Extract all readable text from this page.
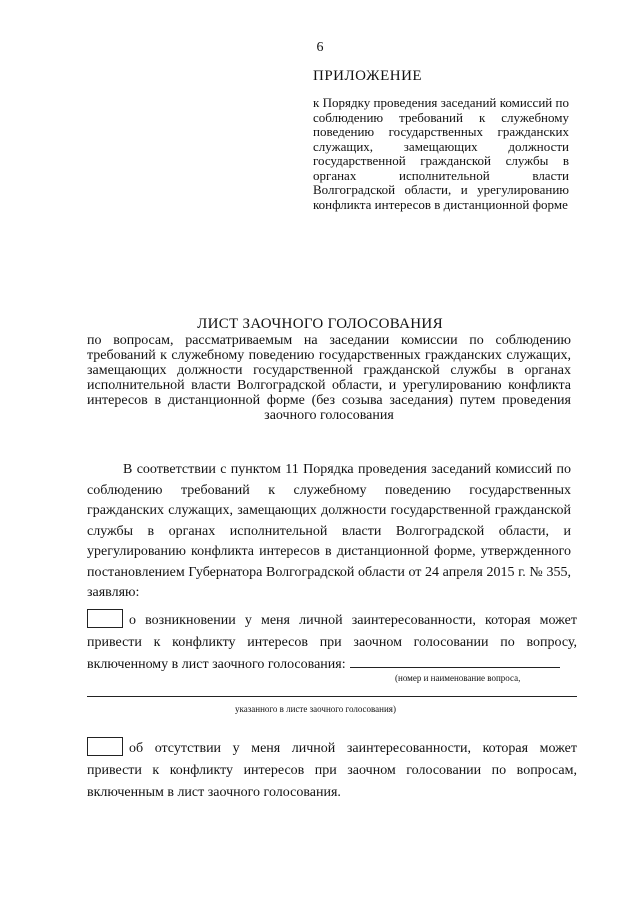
6
ПРИЛОЖЕНИЕ
к Порядку проведения заседаний комиссий по соблюдению требований к служебному поведению государственных гражданских служащих, замещающих должности государственной гражданской службы в органах исполнительной власти Волгоградской области, и урегулированию конфликта интересов в дистанционной форме
ЛИСТ ЗАОЧНОГО ГОЛОСОВАНИЯ
по вопросам, рассматриваемым на заседании комиссии по соблюдению требований к служебному поведению государственных гражданских служащих, замещающих должности государственной гражданской службы в органах исполнительной власти Волгоградской области, и урегулированию конфликта интересов в дистанционной форме (без созыва заседания) путем проведения заочного голосования
В соответствии с пунктом 11 Порядка проведения заседаний комиссий по соблюдению требований к служебному поведению государственных гражданских служащих, замещающих должности государственной гражданской службы в органах исполнительной власти Волгоградской области, и урегулированию конфликта интересов в дистанционной форме, утвержденного постановлением Губернатора Волгоградской области от 24 апреля 2015 г. № 355, заявляю:
о возникновении у меня личной заинтересованности, которая может
привести к конфликту интересов при заочном голосовании по вопросу,
включенному в лист заочного голосования:
(номер и наименование вопроса,
указанного в листе заочного голосования)
об отсутствии у меня личной заинтересованности, которая может
привести к конфликту интересов при заочном голосовании по вопросам,
включенным в лист заочного голосования.
